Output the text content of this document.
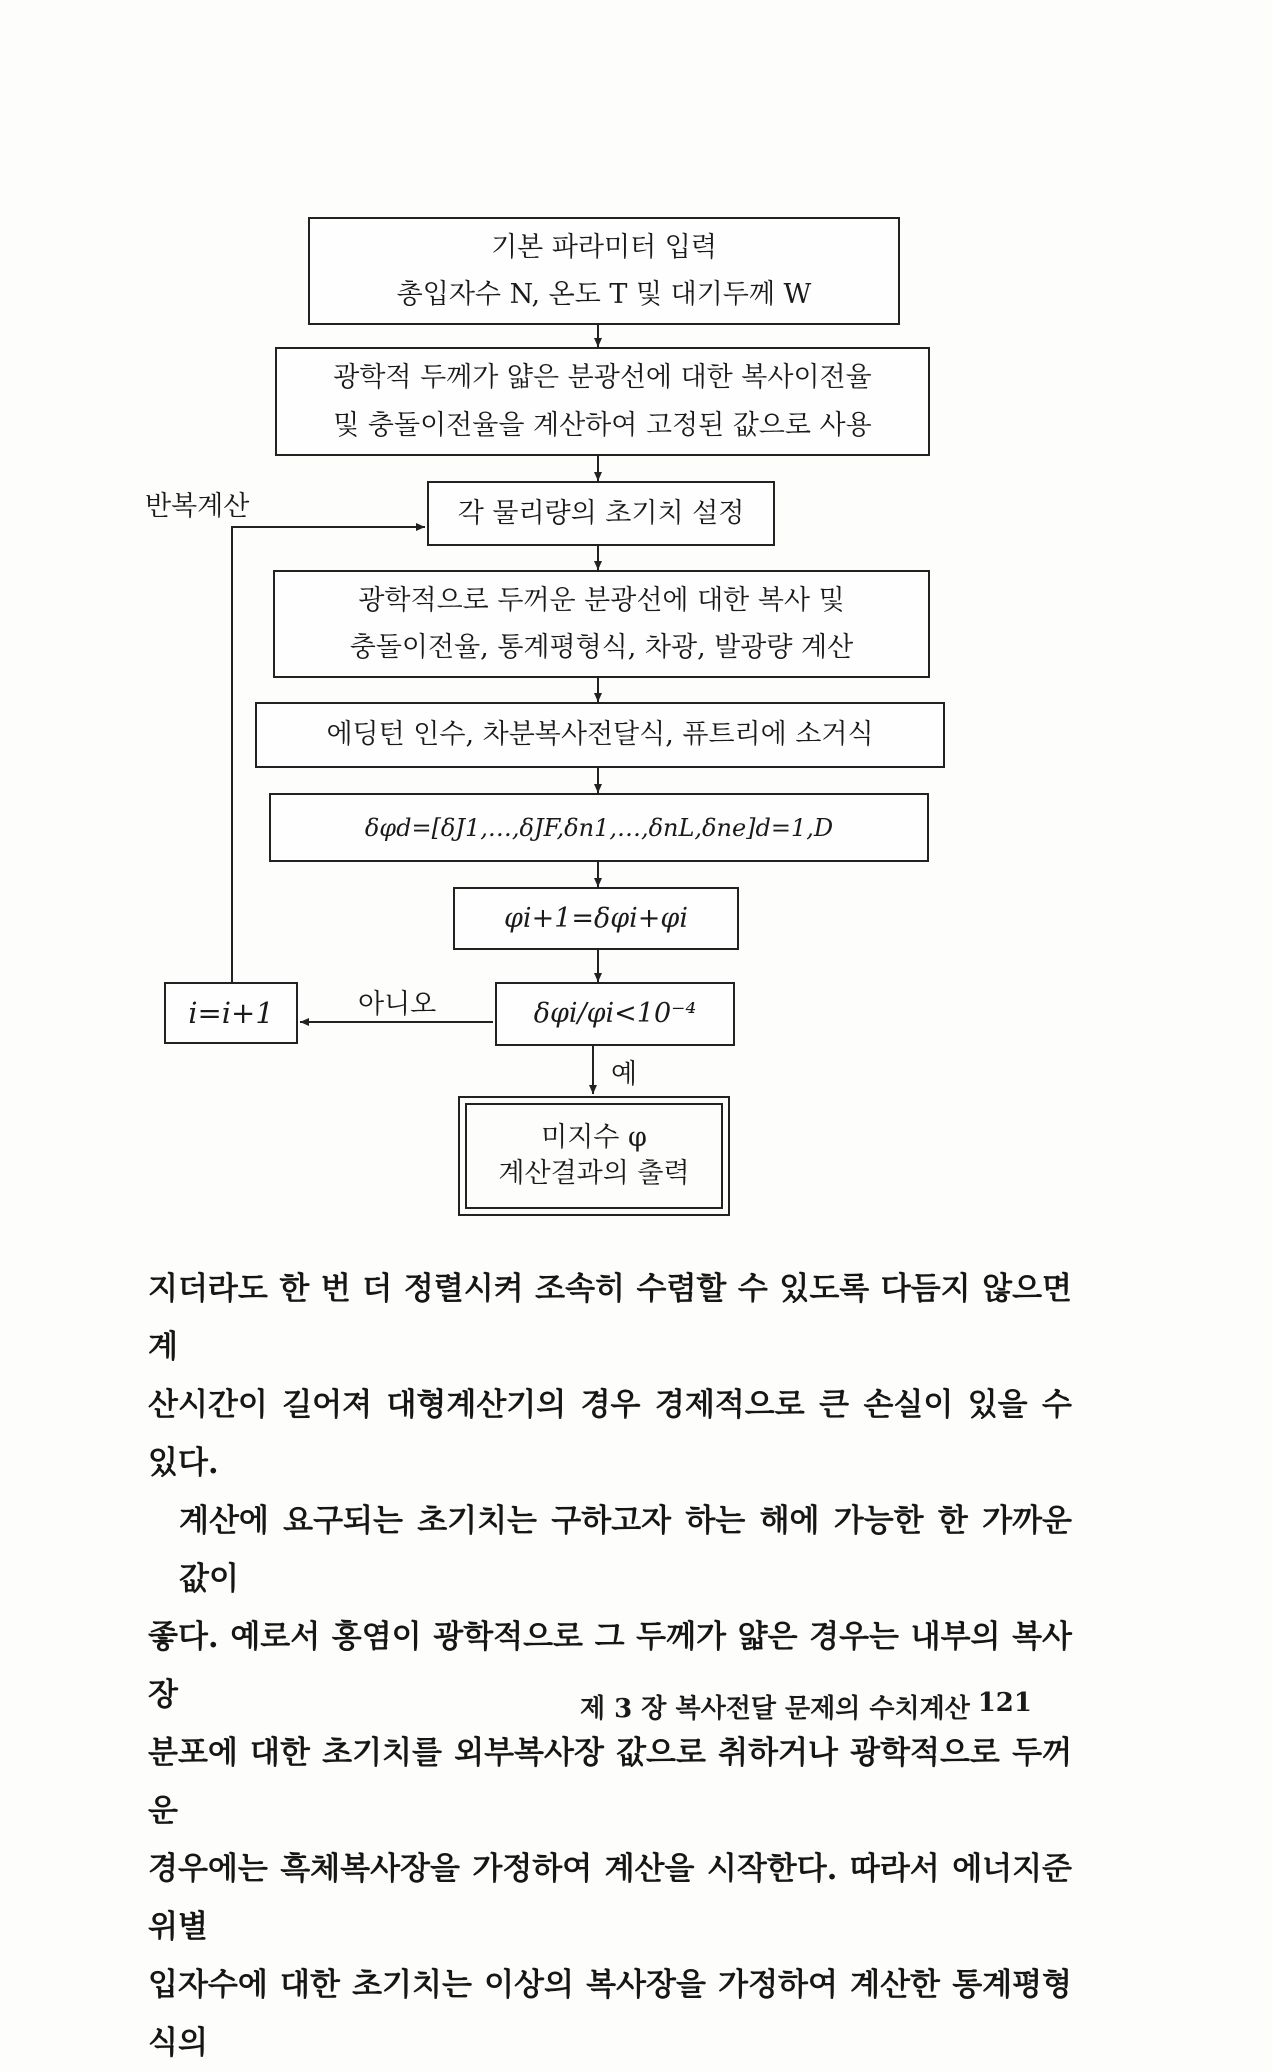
기본 파라미터 입력
총입자수 N, 온도 T 및 대기두께 W
광학적 두께가 얇은 분광선에 대한 복사이전율
및 충돌이전율을 계산하여 고정된 값으로 사용
반복계산	각 물리량의 초기치 설정
광학적으로 두꺼운 분광선에 대한 복사 및
충돌이전율, 통계평형식, 차광, 발광량 계산
에딩턴 인수, 차분복사전달식, 퓨트리에 소거식
δφd=[δJ1,…,δJF,δn1,…,δnL,δne]d=1,D
φi+1=δφi+φi
i=i+1	아니오	δφi/φi<10⁻⁴
예
미지수 φ
계산결과의 출력
지더라도 한 번 더 정렬시켜 조속히 수렴할 수 있도록 다듬지 않으면 계
산시간이 길어져 대형계산기의 경우 경제적으로 큰 손실이 있을 수 있다.
계산에 요구되는 초기치는 구하고자 하는 해에 가능한 한 가까운 값이
좋다. 예로서 홍염이 광학적으로 그 두께가 얇은 경우는 내부의 복사장
분포에 대한 초기치를 외부복사장 값으로 취하거나 광학적으로 두꺼운
경우에는 흑체복사장을 가정하여 계산을 시작한다. 따라서 에너지준위별
입자수에 대한 초기치는 이상의 복사장을 가정하여 계산한 통계평형식의
제 3 장 복사전달 문제의 수치계산 121
